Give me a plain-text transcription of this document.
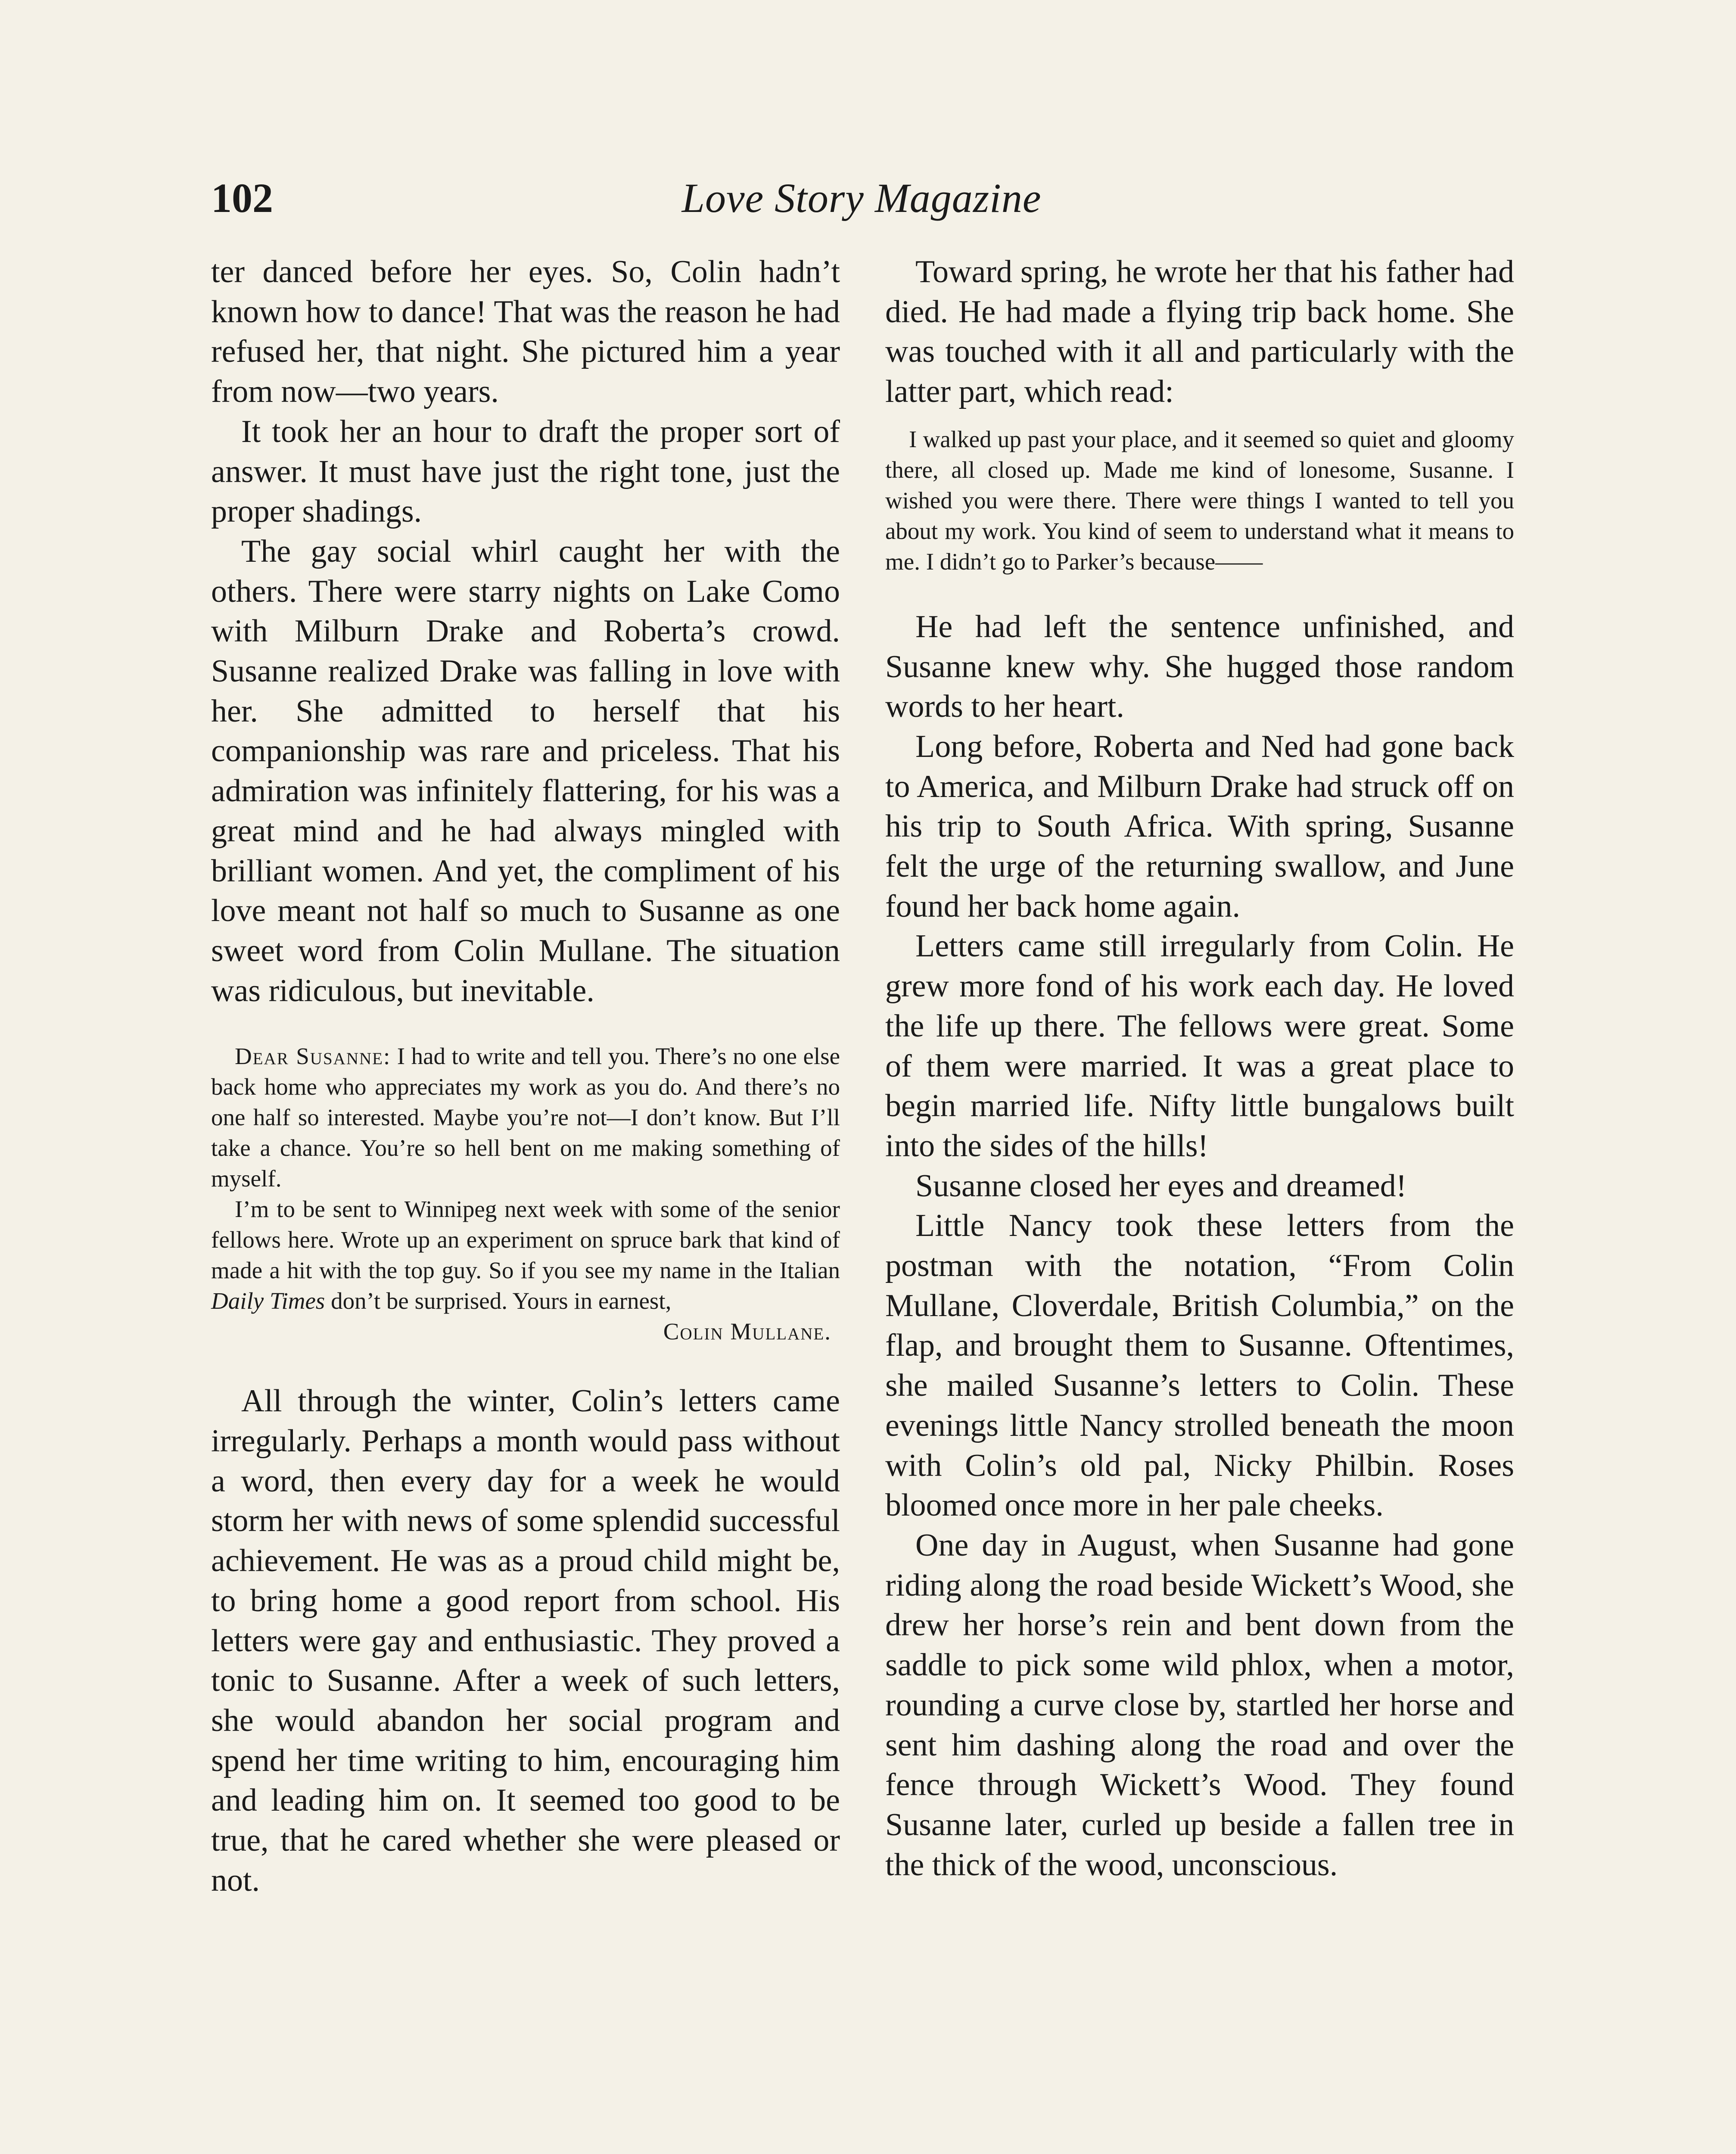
102	Love Story Magazine

ter danced before her eyes. So, Colin hadn’t known how to dance! That was the reason he had refused her, that night. She pictured him a year from now—two years.

It took her an hour to draft the proper sort of answer. It must have just the right tone, just the proper shadings.

The gay social whirl caught her with the others. There were starry nights on Lake Como with Milburn Drake and Roberta’s crowd. Susanne realized Drake was falling in love with her. She admitted to herself that his companionship was rare and priceless. That his admiration was infinitely flattering, for his was a great mind and he had always mingled with brilliant women. And yet, the compliment of his love meant not half so much to Susanne as one sweet word from Colin Mullane. The situation was ridiculous, but inevitable.

Dear Susanne: I had to write and tell you. There’s no one else back home who appreciates my work as you do. And there’s no one half so interested. Maybe you’re not—I don’t know. But I’ll take a chance. You’re so hell bent on me making something of myself.

I’m to be sent to Winnipeg next week with some of the senior fellows here. Wrote up an experiment on spruce bark that kind of made a hit with the top guy. So if you see my name in the Italian Daily Times don’t be surprised. Yours in earnest,

Colin Mullane.

All through the winter, Colin’s letters came irregularly. Perhaps a month would pass without a word, then every day for a week he would storm her with news of some splendid successful achievement. He was as a proud child might be, to bring home a good report from school. His letters were gay and enthusiastic. They proved a tonic to Susanne. After a week of such letters, she would abandon her social program and spend her time writing to him, encouraging him and leading him on. It seemed too good to be true, that he cared whether she were pleased or not.

Toward spring, he wrote her that his father had died. He had made a flying trip back home. She was touched with it all and particularly with the latter part, which read:

I walked up past your place, and it seemed so quiet and gloomy there, all closed up. Made me kind of lonesome, Susanne. I wished you were there. There were things I wanted to tell you about my work. You kind of seem to understand what it means to me. I didn’t go to Parker’s because——

He had left the sentence unfinished, and Susanne knew why. She hugged those random words to her heart.

Long before, Roberta and Ned had gone back to America, and Milburn Drake had struck off on his trip to South Africa. With spring, Susanne felt the urge of the returning swallow, and June found her back home again.

Letters came still irregularly from Colin. He grew more fond of his work each day. He loved the life up there. The fellows were great. Some of them were married. It was a great place to begin married life. Nifty little bungalows built into the sides of the hills!

Susanne closed her eyes and dreamed!

Little Nancy took these letters from the postman with the notation, “From Colin Mullane, Cloverdale, British Columbia,” on the flap, and brought them to Susanne. Oftentimes, she mailed Susanne’s letters to Colin. These evenings little Nancy strolled beneath the moon with Colin’s old pal, Nicky Philbin. Roses bloomed once more in her pale cheeks.

One day in August, when Susanne had gone riding along the road beside Wickett’s Wood, she drew her horse’s rein and bent down from the saddle to pick some wild phlox, when a motor, rounding a curve close by, startled her horse and sent him dashing along the road and over the fence through Wickett’s Wood. They found Susanne later, curled up beside a fallen tree in the thick of the wood, unconscious.
